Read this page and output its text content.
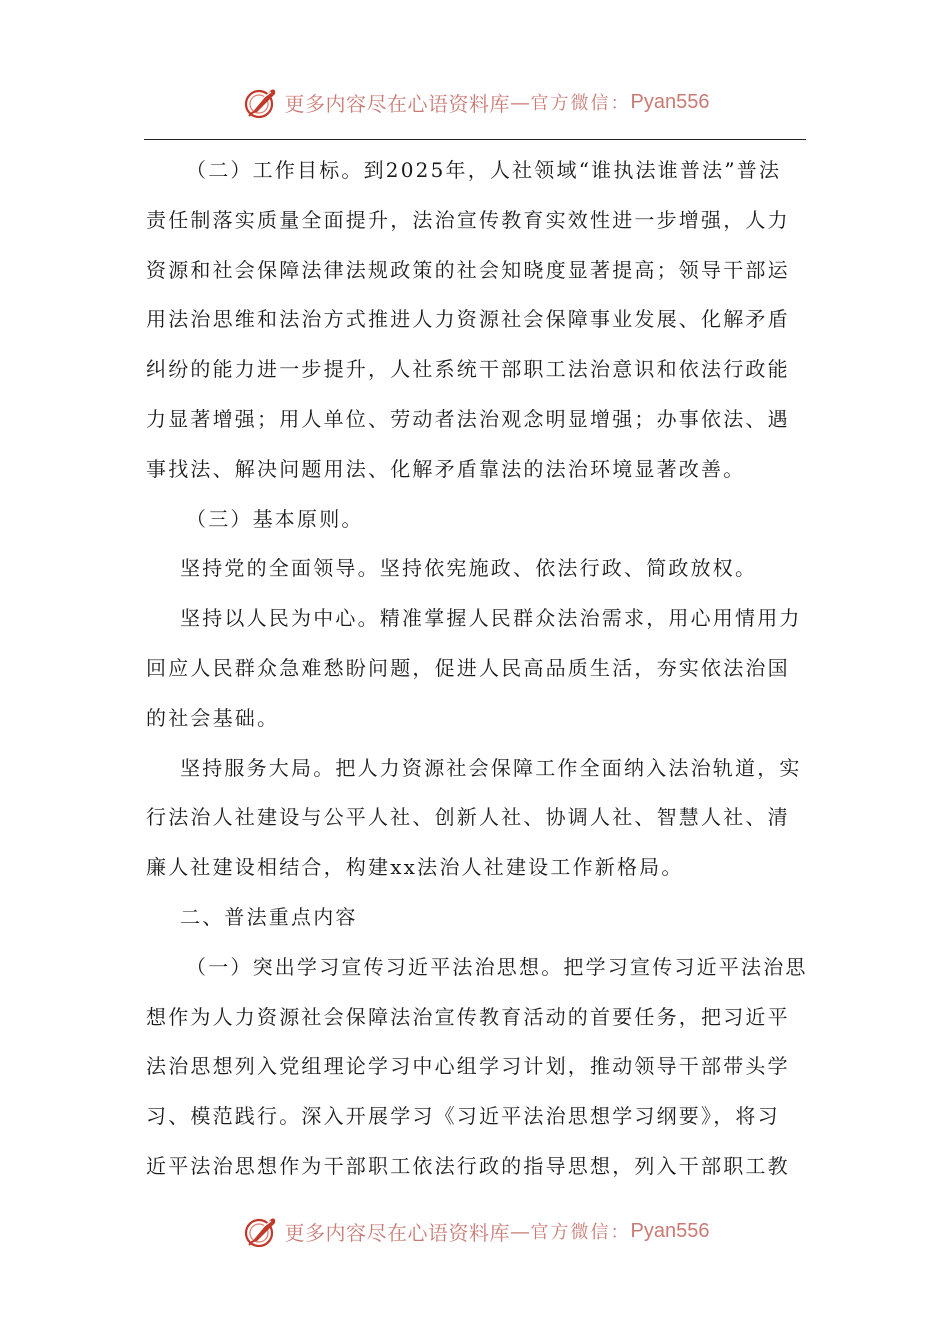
更多内容尽在心语资料库 — 官方微信： Pyan556

（二）工作目标。到2025年，人社领域“谁执法谁普法”普法
责任制落实质量全面提升，法治宣传教育实效性进一步增强，人力
资源和社会保障法律法规政策的社会知晓度显著提高；领导干部运
用法治思维和法治方式推进人力资源社会保障事业发展、化解矛盾
纠纷的能力进一步提升，人社系统干部职工法治意识和依法行政能
力显著增强；用人单位、劳动者法治观念明显增强；办事依法、遇
事找法、解决问题用法、化解矛盾靠法的法治环境显著改善。

（三）基本原则。

坚持党的全面领导。坚持依宪施政、依法行政、简政放权。

坚持以人民为中心。精准掌握人民群众法治需求，用心用情用力
回应人民群众急难愁盼问题，促进人民高品质生活，夯实依法治国
的社会基础。

坚持服务大局。把人力资源社会保障工作全面纳入法治轨道，实
行法治人社建设与公平人社、创新人社、协调人社、智慧人社、清
廉人社建设相结合，构建xx法治人社建设工作新格局。

二、普法重点内容

（一）突出学习宣传习近平法治思想。把学习宣传习近平法治思
想作为人力资源社会保障法治宣传教育活动的首要任务，把习近平
法治思想列入党组理论学习中心组学习计划，推动领导干部带头学
习、模范践行。深入开展学习《习近平法治思想学习纲要》，将习
近平法治思想作为干部职工依法行政的指导思想，列入干部职工教

更多内容尽在心语资料库 — 官方微信： Pyan556
